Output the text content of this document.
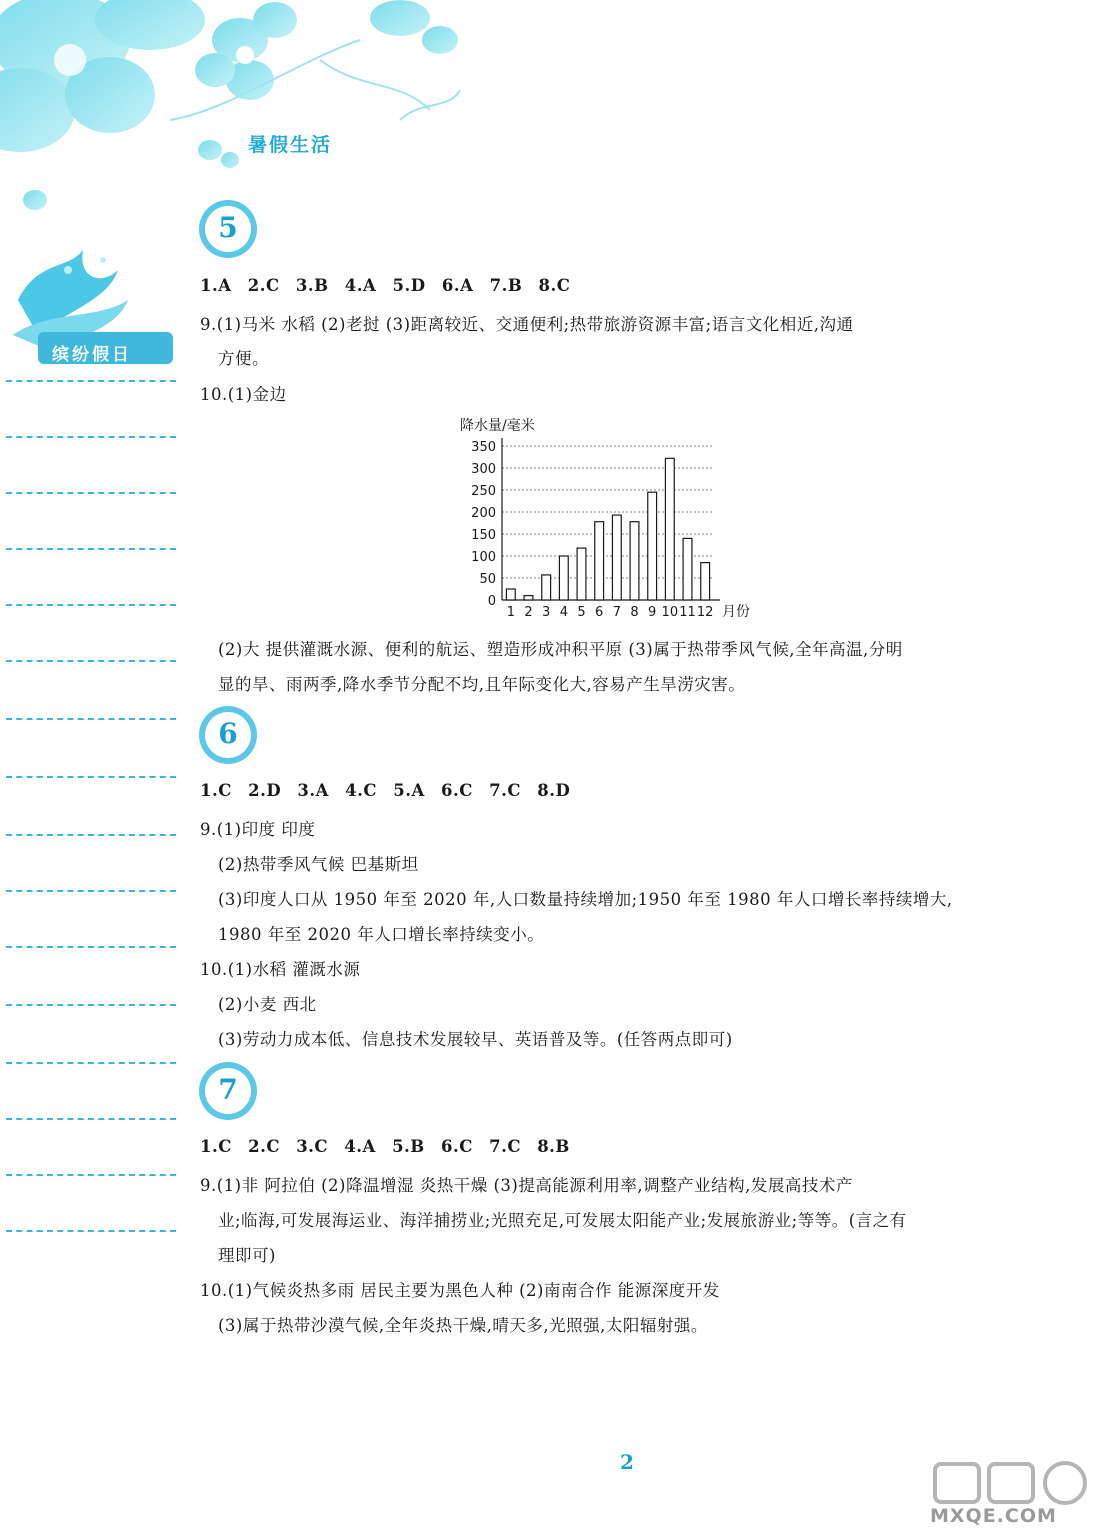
暑假生活
缤纷假日
5
6
7
1.A 2.C 3.B 4.A 5.D 6.A 7.B 8.C
9.(1)马米 水稻 (2)老挝 (3)距离较近、交通便利;热带旅游资源丰富;语言文化相近,沟通
方便。
10.(1)金边
降水量/毫米
0
50
100
150
200
250
300
350
1 2 3 4 5 6 7 8 9 10 11 12 月份
(2)大 提供灌溉水源、便利的航运、塑造形成冲积平原 (3)属于热带季风气候,全年高温,分明
显的旱、雨两季,降水季节分配不均,且年际变化大,容易产生旱涝灾害。
1.C 2.D 3.A 4.C 5.A 6.C 7.C 8.D
9.(1)印度 印度
(2)热带季风气候 巴基斯坦
(3)印度人口从 1950 年至 2020 年,人口数量持续增加;1950 年至 1980 年人口增长率持续增大,
1980 年至 2020 年人口增长率持续变小。
10.(1)水稻 灌溉水源
(2)小麦 西北
(3)劳动力成本低、信息技术发展较早、英语普及等。(任答两点即可)
1.C 2.C 3.C 4.A 5.B 6.C 7.C 8.B
9.(1)非 阿拉伯 (2)降温增湿 炎热干燥 (3)提高能源利用率,调整产业结构,发展高技术产
业;临海,可发展海运业、海洋捕捞业;光照充足,可发展太阳能产业;发展旅游业;等等。(言之有
理即可)
10.(1)气候炎热多雨 居民主要为黑色人种 (2)南南合作 能源深度开发
(3)属于热带沙漠气候,全年炎热干燥,晴天多,光照强,太阳辐射强。
2
MXQE.COM
